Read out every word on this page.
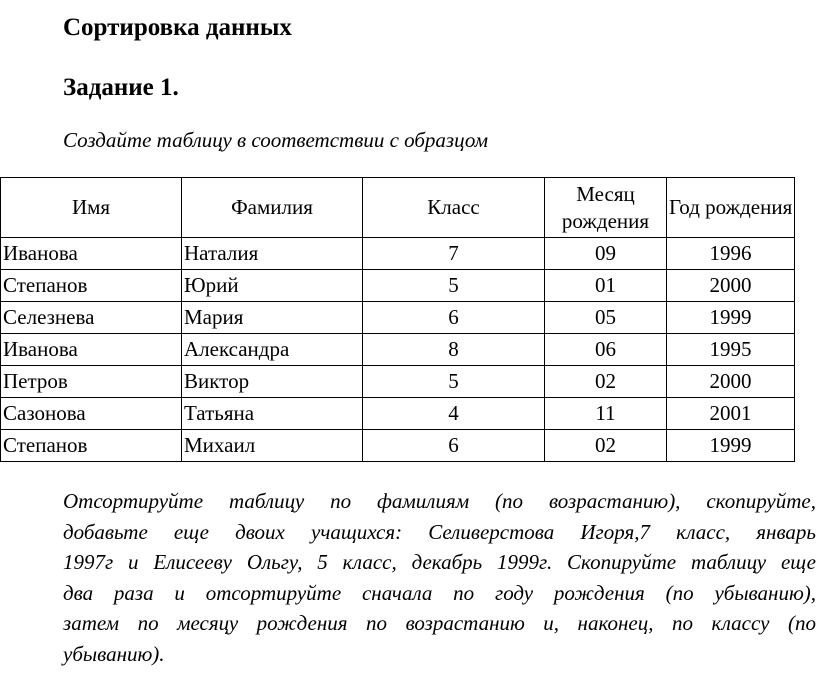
Сортировка данных
Задание 1.
Создайте таблицу в соответствии с образцом
Имя	Фамилия	Класс	Месяц рождения	Год рождения
Иванова	Наталия	7	09	1996
Степанов	Юрий	5	01	2000
Селезнева	Мария	6	05	1999
Иванова	Александра	8	06	1995
Петров	Виктор	5	02	2000
Сазонова	Татьяна	4	11	2001
Степанов	Михаил	6	02	1999
Отсортируйте таблицу по фамилиям (по возрастанию), скопируйте,
добавьте еще двоих учащихся: Селиверстова Игоря,7 класс, январь
1997г и Елисееву Ольгу, 5 класс, декабрь 1999г. Скопируйте таблицу еще
два раза и отсортируйте сначала по году рождения (по убыванию),
затем по месяцу рождения по возрастанию и, наконец, по классу (по
убыванию).
